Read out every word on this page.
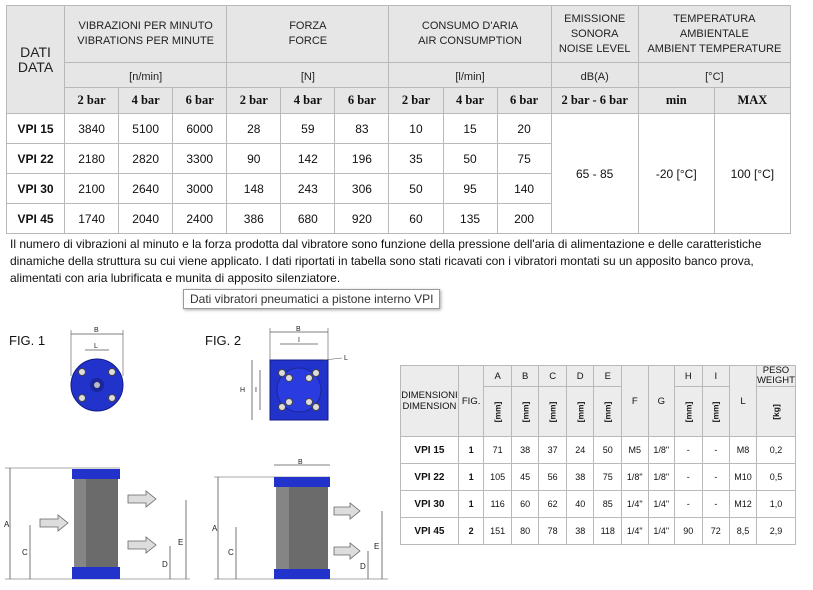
DATI
DATA	VIBRAZIONI PER MINUTO
VIBRATIONS PER MINUTE			FORZA
FORCE			CONSUMO D'ARIA
AIR CONSUMPTION			EMISSIONE
SONORA
NOISE LEVEL	TEMPERATURA AMBIENTALE
AMBIENT TEMPERATURE	
	[n/min]			[N]			[l/min]			dB(A)	[°C]	
	2 bar	4 bar	6 bar	2 bar	4 bar	6 bar	2 bar	4 bar	6 bar	2 bar - 6 bar	min	MAX
VPI 15	3840	5100	6000	28	59	83	10	15	20	65 - 85	-20 [°C]	100 [°C]
VPI 22	2180	2820	3300	90	142	196	35	50	75			
VPI 30	2100	2640	3000	148	243	306	50	95	140			
VPI 45	1740	2040	2400	386	680	920	60	135	200			

Il numero di vibrazioni al minuto e la forza prodotta dal vibratore sono funzione della pressione dell'aria di alimentazione e delle caratteristiche
dinamiche della struttura su cui viene applicato. I dati riportati in tabella sono stati ricavati con i vibratori montati su un apposito banco prova,
alimentati con aria lubrificata e munita di apposito silenziatore.

Dati vibratori pneumatici a pistone interno VPI
FIG. 1	FIG. 2
B
L
B
I
H I
L
A
C
D
E
B
A
C
D
E
DIMENSIONI
DIMENSION	FIG.	A	B	C	D	E	F	G	H	I	L	PESO
WEIGHT
		[mm]	[mm]	[mm]	[mm]	[mm]			[mm]	[mm]		[kg]
VPI 15	1	71	38	37	24	50	M5	1/8"	-	-	M8	0,2
VPI 22	1	105	45	56	38	75	1/8"	1/8"	-	-	M10	0,5
VPI 30	1	116	60	62	40	85	1/4"	1/4"	-	-	M12	1,0
VPI 45	2	151	80	78	38	118	1/4"	1/4"	90	72	8,5	2,9
